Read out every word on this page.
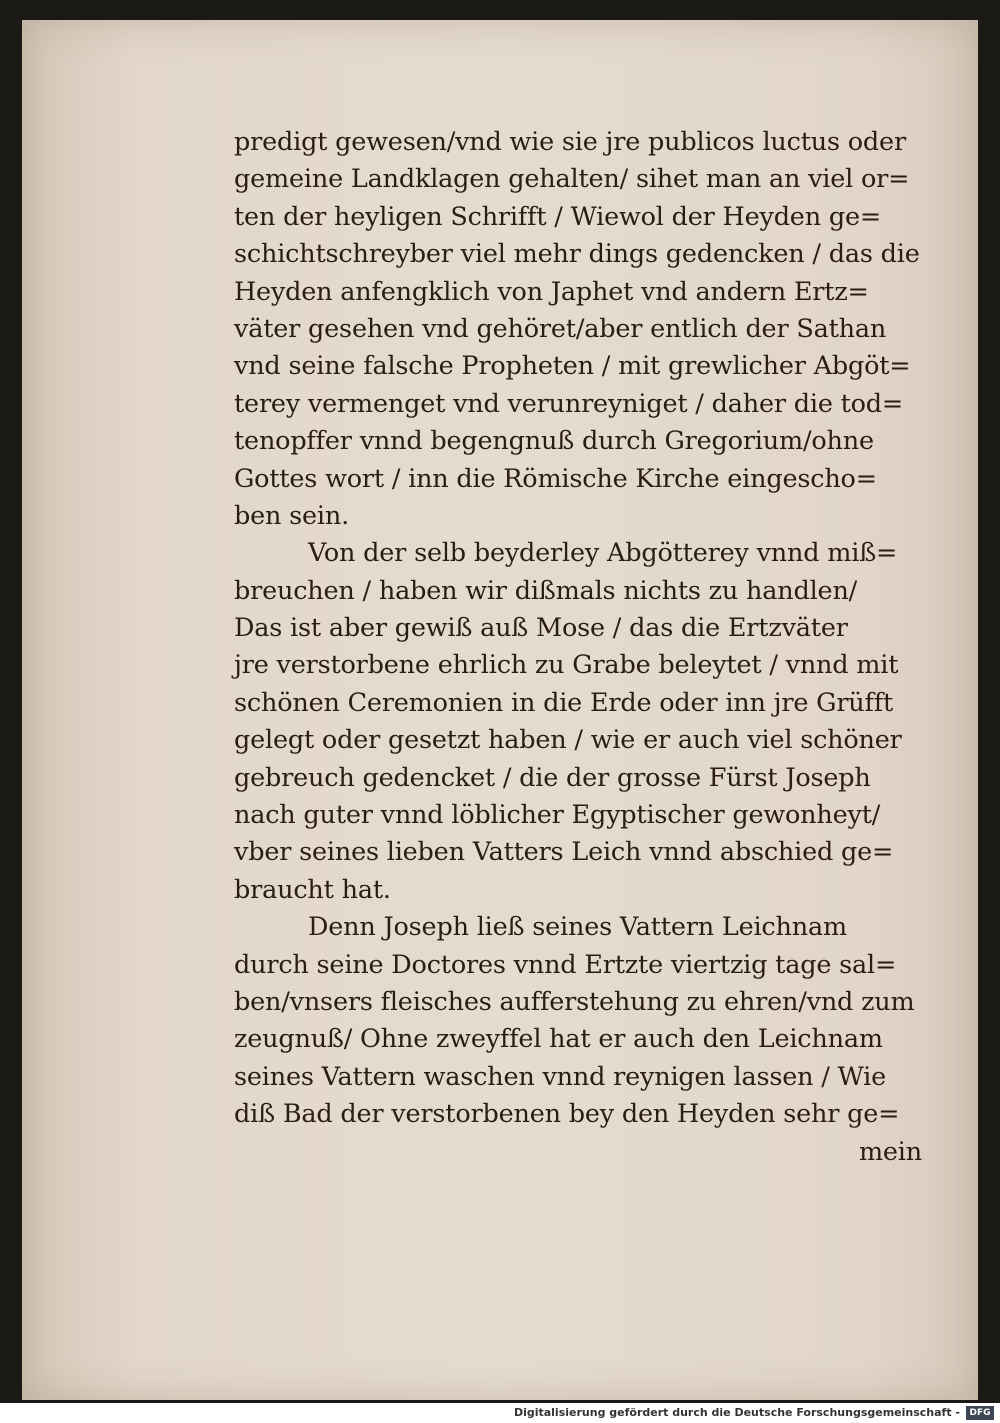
predigt gewesen/vnd wie sie jre publicos luctus oder
gemeine Landklagen gehalten/ sihet man an viel or=
ten der heyligen Schrifft / Wiewol der Heyden ge=
schichtschreyber viel mehr dings gedencken / das die
Heyden anfengklich von Japhet vnd andern Ertz=
väter gesehen vnd gehöret/aber entlich der Sathan
vnd seine falsche Propheten / mit grewlicher Abgöt=
terey vermenget vnd verunreyniget / daher die tod=
tenopffer vnnd begengnuß durch Gregorium/ohne
Gottes wort / inn die Römische Kirche eingescho=
ben sein.
Von der selb beyderley Abgötterey vnnd miß=
breuchen / haben wir dißmals nichts zu handlen/
Das ist aber gewiß auß Mose / das die Ertzväter
jre verstorbene ehrlich zu Grabe beleytet / vnnd mit
schönen Ceremonien in die Erde oder inn jre Grüfft
gelegt oder gesetzt haben / wie er auch viel schöner
gebreuch gedencket / die der grosse Fürst Joseph
nach guter vnnd löblicher Egyptischer gewonheyt/
vber seines lieben Vatters Leich vnnd abschied ge=
braucht hat.
Denn Joseph ließ seines Vattern Leichnam
durch seine Doctores vnnd Ertzte viertzig tage sal=
ben/vnsers fleisches aufferstehung zu ehren/vnd zum
zeugnuß/ Ohne zweyffel hat er auch den Leichnam
seines Vattern waschen vnnd reynigen lassen / Wie
diß Bad der verstorbenen bey den Heyden sehr ge=
mein
Digitalisierung gefördert durch die Deutsche Forschungsgemeinschaft -	DFG
